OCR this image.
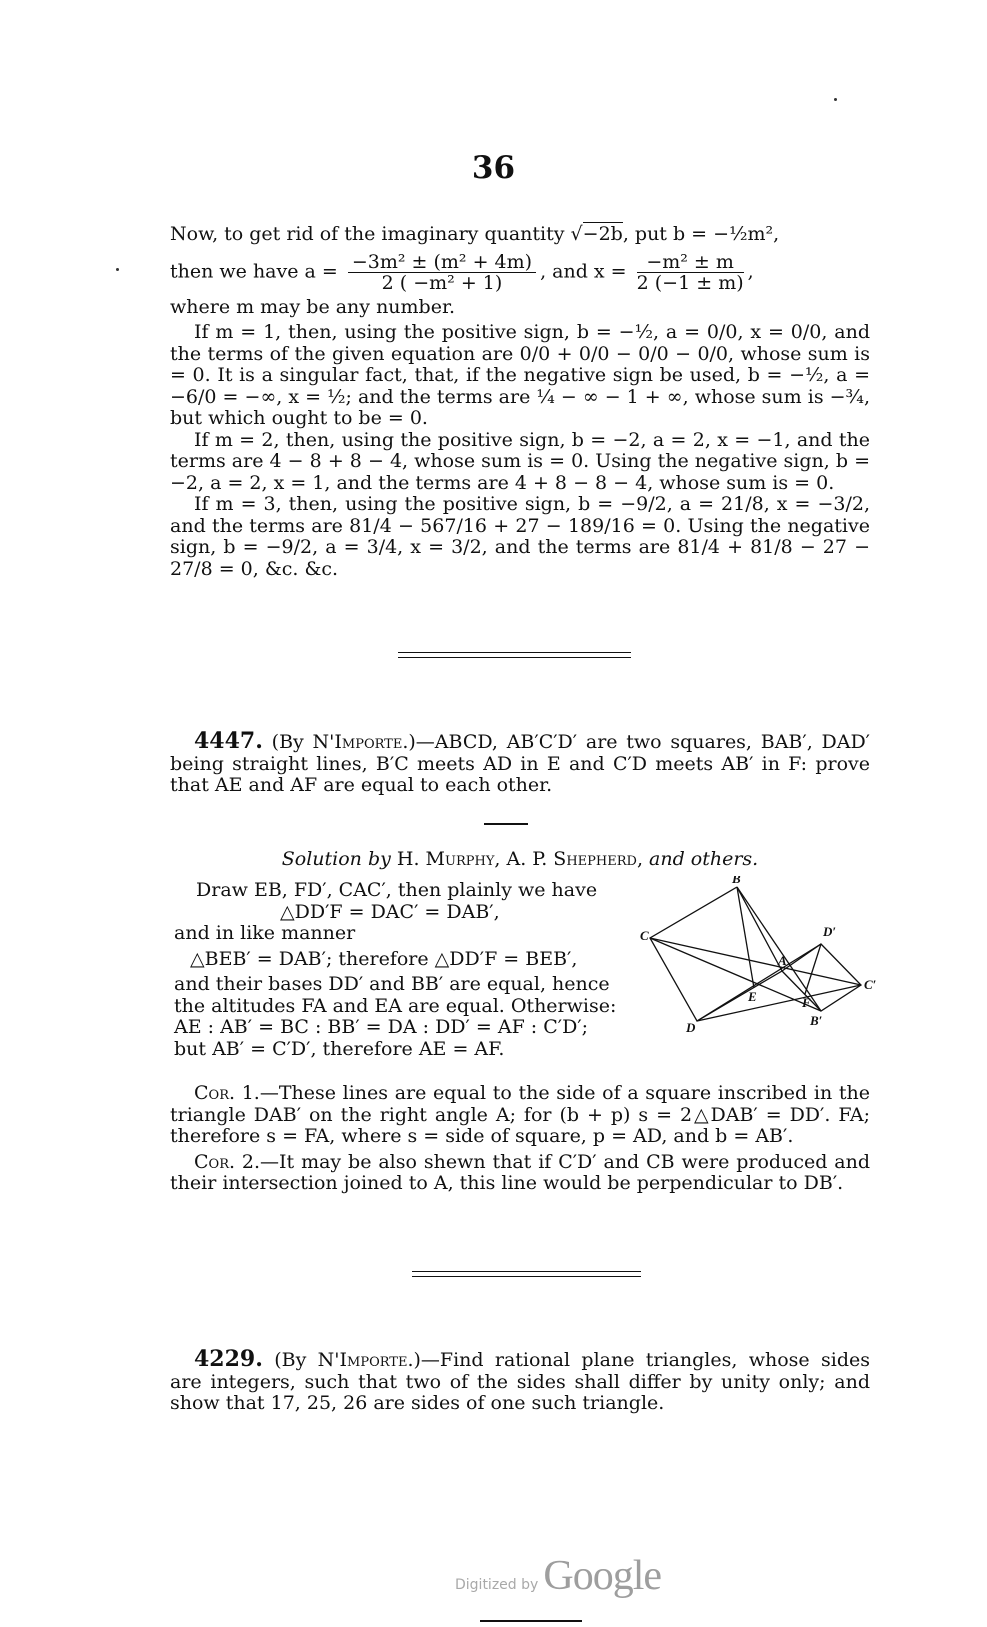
36

Now, to get rid of the imaginary quantity √−2b, put b = −½m²,

then we have $a = \frac{\text{−3m² ± (m² + 4m)}}{\text{2 ( −m² + 1)}}$ , and $x = \frac{\text{−m² ± m}}{2 (-1 \pm m)}$ ,

where m may be any number.

If m = 1, then, using the positive sign, b = −½, a = 0/0, x = 0/0, and the terms of the given equation are 0/0 + 0/0 − 0/0 − 0/0, whose sum is = 0. It is a singular fact, that, if the negative sign be used, b = −½, a = −6/0 = −∞, x = ½; and the terms are ¼ − ∞ − 1 + ∞, whose sum is −¾, but which ought to be = 0.

If m = 2, then, using the positive sign, b = −2, a = 2, x = −1, and the terms are 4 − 8 + 8 − 4, whose sum is = 0. Using the negative sign, b = −2, a = 2, x = 1, and the terms are 4 + 8 − 8 − 4, whose sum is = 0.

If m = 3, then, using the positive sign, b = −9/2, a = 21/8, x = −3/2, and the terms are 81/4 − 567/16 + 27 − 189/16 = 0. Using the negative sign, b = −9/2, a = 3/4, x = 3/2, and the terms are 81/4 + 81/8 − 27 − 27/8 = 0, &c. &c.

4447. (By N'Importe.)—ABCD, AB′C′D′ are two squares, BAB′, DAD′ being straight lines, B′C meets AD in E and C′D meets AB′ in F: prove that AE and AF are equal to each other.

Solution by H. Murphy, A. P. Shepherd, and others.
Draw EB, FD′, CAC′, then plainly we have
△DD′F = DAC′ = DAB′,
and in like manner
△BEB′ = DAB′; therefore △DD′F = BEB′,
and their bases DD′ and BB′ are equal, hence
the altitudes FA and EA are equal. Otherwise:
AE : AB′ = BC : BB′ = DA : DD′ = AF : C′D′;
but AB′ = C′D′, therefore AE = AF.
B
C	D′
A
C′
E	F
D	B′

Cor. 1.—These lines are equal to the side of a square inscribed in the triangle DAB′ on the right angle A; for (b + p) s = 2△DAB′ = DD′. FA; therefore s = FA, where s = side of square, p = AD, and b = AB′.

Cor. 2.—It may be also shewn that if C′D′ and CB were produced and their intersection joined to A, this line would be perpendicular to DB′.

4229. (By N'Importe.)—Find rational plane triangles, whose sides are integers, such that two of the sides shall differ by unity only; and show that 17, 25, 26 are sides of one such triangle.

Digitized by Google
